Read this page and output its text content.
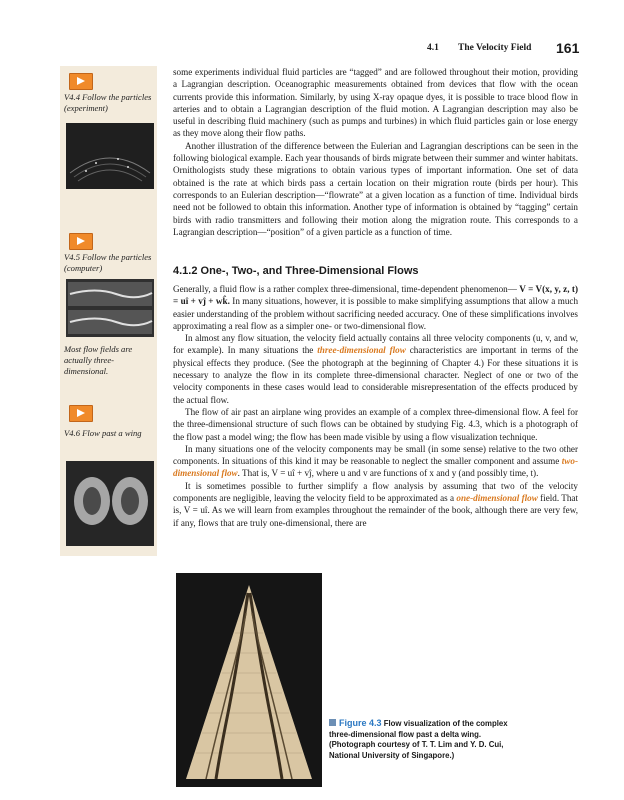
4.1 The Velocity Field 161
V4.4 Follow the particles (experiment)
V4.5 Follow the particles (computer)
Most flow fields are actually three-dimensional.
V4.6 Flow past a wing

some experiments individual fluid particles are “tagged” and are followed throughout their motion, providing a Lagrangian description. Oceanographic measurements obtained from devices that flow with the ocean currents provide this information. Similarly, by using X-ray opaque dyes, it is possible to trace blood flow in arteries and to obtain a Lagrangian description of the fluid motion. A Lagrangian description may also be useful in describing fluid machinery (such as pumps and turbines) in which fluid particles gain or lose energy as they move along their flow paths.

Another illustration of the difference between the Eulerian and Lagrangian descriptions can be seen in the following biological example. Each year thousands of birds migrate between their summer and winter habitats. Ornithologists study these migrations to obtain various types of important information. One set of data obtained is the rate at which birds pass a certain location on their migration route (birds per hour). This corresponds to an Eulerian description—“flowrate” at a given location as a function of time. Individual birds need not be followed to obtain this information. Another type of information is obtained by “tagging” certain birds with radio transmitters and following their motion along the migration route. This corresponds to a Lagrangian description—“position” of a given particle as a function of time.

4.1.2 One-, Two-, and Three-Dimensional Flows

Generally, a fluid flow is a rather complex three-dimensional, time-dependent phenomenon— V = V(x, y, z, t) = uî + vĵ + wk̂. In many situations, however, it is possible to make simplifying assumptions that allow a much easier understanding of the problem without sacrificing needed accuracy. One of these simplifications involves approximating a real flow as a simpler one- or two-dimensional flow.

In almost any flow situation, the velocity field actually contains all three velocity components (u, v, and w, for example). In many situations the three-dimensional flow characteristics are important in terms of the physical effects they produce. (See the photograph at the beginning of Chapter 4.) For these situations it is necessary to analyze the flow in its complete three-dimensional character. Neglect of one or two of the velocity components in these cases would lead to considerable misrepresentation of the effects produced by the actual flow.

The flow of air past an airplane wing provides an example of a complex three-dimensional flow. A feel for the three-dimensional structure of such flows can be obtained by studying Fig. 4.3, which is a photograph of the flow past a model wing; the flow has been made visible by using a flow visualization technique.

In many situations one of the velocity components may be small (in some sense) relative to the two other components. In situations of this kind it may be reasonable to neglect the smaller component and assume two-dimensional flow. That is, V = uî + vĵ, where u and v are functions of x and y (and possibly time, t).

It is sometimes possible to further simplify a flow analysis by assuming that two of the velocity components are negligible, leaving the velocity field to be approximated as a one-dimensional flow field. That is, V = uî. As we will learn from examples throughout the remainder of the book, although there are very few, if any, flows that are truly one-dimensional, there are

Figure 4.3 Flow visualization of the complex three-dimensional flow past a delta wing. (Photograph courtesy of T. T. Lim and Y. D. Cui, National University of Singapore.)
